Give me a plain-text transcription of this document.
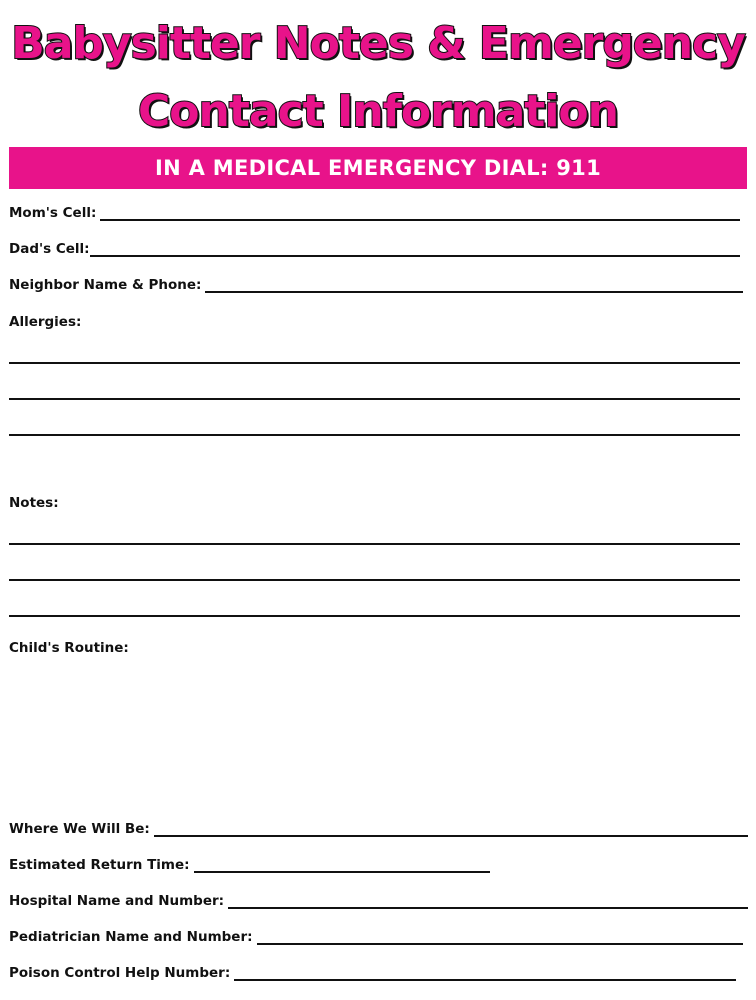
Babysitter Notes & Emergency
Contact Information
IN A MEDICAL EMERGENCY DIAL: 911
Mom's Cell:
Dad's Cell:
Neighbor Name & Phone:
Allergies:
Notes:
Child's Routine:
Where We Will Be:
Estimated Return Time:
Hospital Name and Number:
Pediatrician Name and Number:
Poison Control Help Number:
